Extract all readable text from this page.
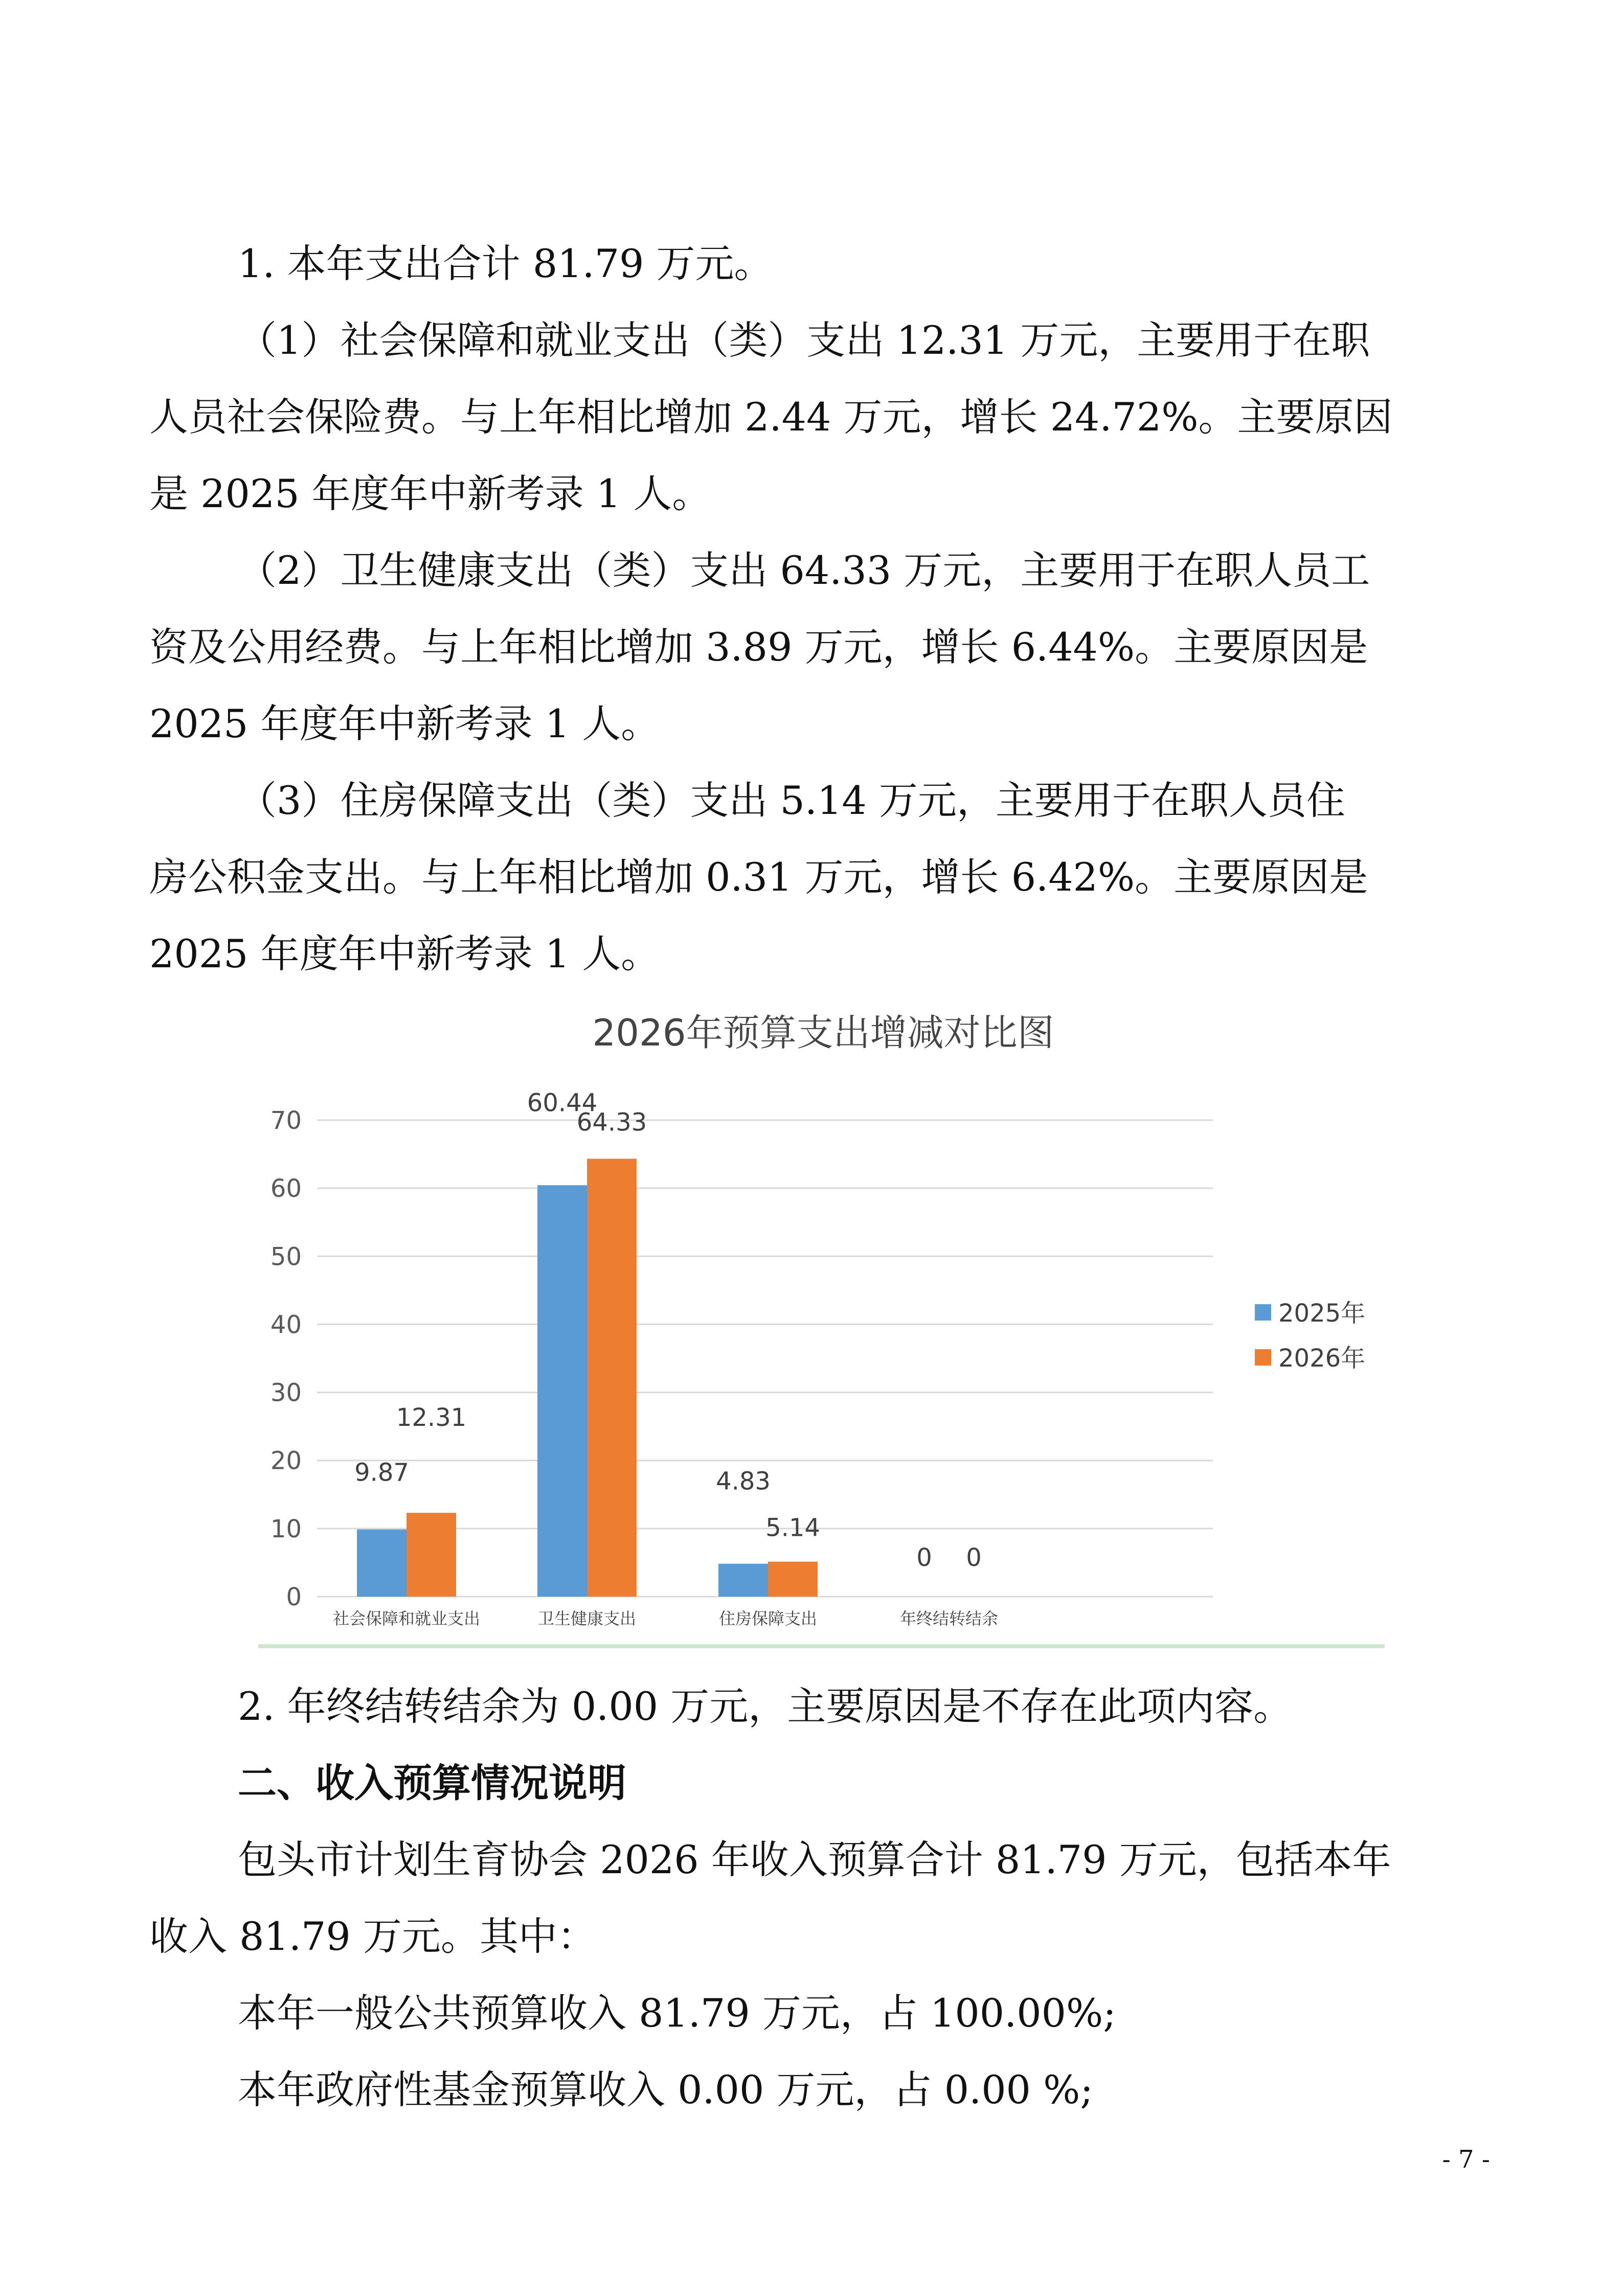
1. 本年支出合计 81.79 万元。
（1）社会保障和就业支出（类）支出 12.31 万元，主要用于在职
人员社会保险费。与上年相比增加 2.44 万元，增长 24.72%。主要原因
是 2025 年度年中新考录 1 人。
（2）卫生健康支出（类）支出 64.33 万元，主要用于在职人员工
资及公用经费。与上年相比增加 3.89 万元，增长 6.44%。主要原因是
2025 年度年中新考录 1 人。
（3）住房保障支出（类）支出 5.14 万元，主要用于在职人员住
房公积金支出。与上年相比增加 0.31 万元，增长 6.42%。主要原因是
2025 年度年中新考录 1 人。
2026年预算支出增减对比图
0
10
20
30
40
50
60
70
9.87
12.31
社会保障和就业支出
60.44
64.33
卫生健康支出
4.83
5.14
住房保障支出
0 0
年终结转结余
2025年
2026年
2. 年终结转结余为 0.00 万元，主要原因是不存在此项内容。
二、收入预算情况说明
包头市计划生育协会 2026 年收入预算合计 81.79 万元，包括本年
收入 81.79 万元。其中：
本年一般公共预算收入 81.79 万元，占 100.00%;
本年政府性基金预算收入 0.00 万元，占 0.00 %;
- 7 -
